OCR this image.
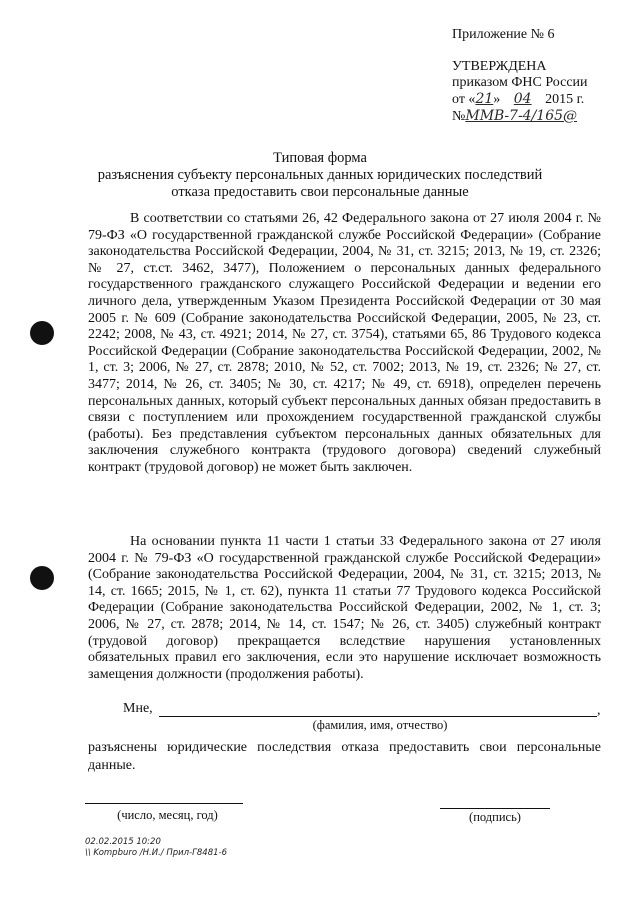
Приложение № 6
УТВЕРЖДЕНА
приказом ФНС России
от «21» 04 2015 г.
№ММВ-7-4/165@
Типовая форма
разъяснения субъекту персональных данных юридических последствий
отказа предоставить свои персональные данные
В соответствии со статьями 26, 42 Федерального закона от 27 июля 2004 г. № 79-ФЗ «О государственной гражданской службе Российской Федерации» (Собрание законодательства Российской Федерации, 2004, № 31, ст. 3215; 2013, № 19, ст. 2326; № 27, ст.ст. 3462, 3477), Положением о персональных данных федерального государственного гражданского служащего Российской Федерации и ведении его личного дела, утвержденным Указом Президента Российской Федерации от 30 мая 2005 г. № 609 (Собрание законодательства Российской Федерации, 2005, № 23, ст. 2242; 2008, № 43, ст. 4921; 2014, № 27, ст. 3754), статьями 65, 86 Трудового кодекса Российской Федерации (Собрание законодательства Российской Федерации, 2002, № 1, ст. 3; 2006, № 27, ст. 2878; 2010, № 52, ст. 7002; 2013, № 19, ст. 2326; № 27, ст. 3477; 2014, № 26, ст. 3405; № 30, ст. 4217; № 49, ст. 6918), определен перечень персональных данных, который субъект персональных данных обязан предоставить в связи с поступлением или прохождением государственной гражданской службы (работы). Без представления субъектом персональных данных обязательных для заключения служебного контракта (трудового договора) сведений служебный контракт (трудовой договор) не может быть заключен.
На основании пункта 11 части 1 статьи 33 Федерального закона от 27 июля 2004 г. № 79-ФЗ «О государственной гражданской службе Российской Федерации» (Собрание законодательства Российской Федерации, 2004, № 31, ст. 3215; 2013, № 14, ст. 1665; 2015, № 1, ст. 62), пункта 11 статьи 77 Трудового кодекса Российской Федерации (Собрание законодательства Российской Федерации, 2002, № 1, ст. 3; 2006, № 27, ст. 2878; 2014, № 14, ст. 1547; № 26, ст. 3405) служебный контракт (трудовой договор) прекращается вследствие нарушения установленных обязательных правил его заключения, если это нарушение исключает возможность замещения должности (продолжения работы).
Мне,	,
(фамилия, имя, отчество)
разъяснены юридические последствия отказа предоставить свои персональные данные.
(число, месяц, год)	(подпись)
02.02.2015 10:20
\\ Kompburo /Н.И./ Прил-Г8481-6
